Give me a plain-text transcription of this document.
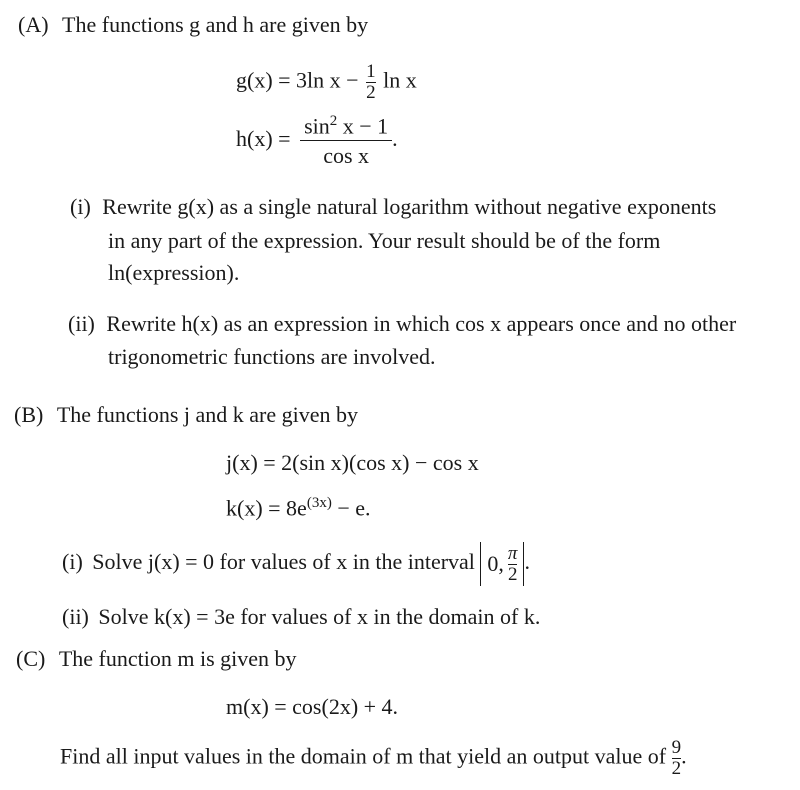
(A) The functions g and h are given by
g(x) = 3ln $x - \frac{1}{2}$ ln x
$h(x) = \frac{\sin^2 x - 1}{\text{cos x}}$ .
(i) Rewrite g(x) as a single natural logarithm without negative exponents
in any part of the expression. Your result should be of the form
ln(expression).
(ii) Rewrite h(x) as an expression in which cos x appears once and no other
trigonometric functions are involved.
(B) The functions j and k are given by
j(x) = 2(sin x)(cos x) − cos x
$k(x) = 8e^{(3x)} - e$.
(i) Solve j(x) = 0 for values of x in the interval 0, $\frac{\pi}{2}$ .
(ii) Solve k(x) = 3e for values of x in the domain of k.
(C) The function m is given by
m(x) = cos(2x) + 4.
Find all input values in the domain of m that yield an output value of $\frac{9}{2}$ .
